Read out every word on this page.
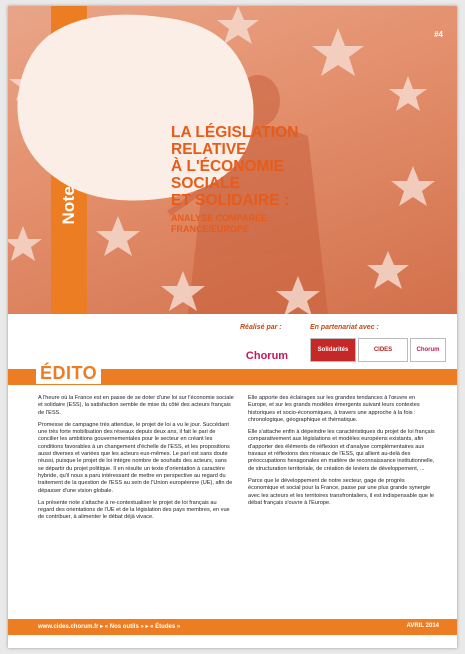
#4
LA LÉGISLATION
RELATIVE
À L'ÉCONOMIE
SOCIALE
ET SOLIDAIRE :
ANALYSE COMPARÉE
FRANCE/EUROPE
Réalisé par :	En partenariat avec :
Chorum	Solidarités	CIDES	Chorum
ÉDITO

A l'heure où la France est en passe de se doter d'une loi sur l'économie sociale et solidaire (ESS), la satisfaction semble de mise du côté des acteurs français de l'ESS.

Promesse de campagne très attendue, le projet de loi a vu le jour. Succédant une très forte mobilisation des réseaux depuis deux ans, il fait le pari de concilier les ambitions gouvernementales pour le secteur en créant les conditions favorables à un changement d'échelle de l'ESS, et les propositions aussi diverses et variées que les acteurs eux-mêmes. Le pari est sans doute réussi, puisque le projet de loi intègre nombre de souhaits des acteurs, sans se départir du projet politique. Il en résulte un texte d'orientation à caractère hybride, qu'il nous a paru intéressant de mettre en perspective au regard du traitement de la question de l'ESS au sein de l'Union européenne (UE), afin de dépasser d'une vision globale.

La présente note s'attache à re-contextualiser le projet de loi français au regard des orientations de l'UE et de la législation des pays membres, en vue de contribuer, à alimenter le débat déjà vivace.

Elle apporte des éclairages sur les grandes tendances à l'œuvre en Europe, et sur les grands modèles émergents suivant leurs contextes historiques et socio-économiques, à travers une approche à la fois : chronologique, géographique et thématique.

Elle s'attache enfin à dépeindre les caractéristiques du projet de loi français comparativement aux législations et modèles européens existants, afin d'apporter des éléments de réflexion et d'analyse complémentaires aux travaux et réflexions des réseaux de l'ESS, qui allient au-delà des préoccupations hexagonales en matière de reconnaissance institutionnelle, de structuration territoriale, de création de leviers de développement, ...

Parce que le développement de notre secteur, gage de progrès économique et social pour la France, passe par une plus grande synergie avec les acteurs et les territoires transfrontaliers, il est indispensable que le débat français s'ouvre à l'Europe.

www.cides.chorum.fr ▸ « Nos outils » ▸ « Études »	AVRIL 2014
